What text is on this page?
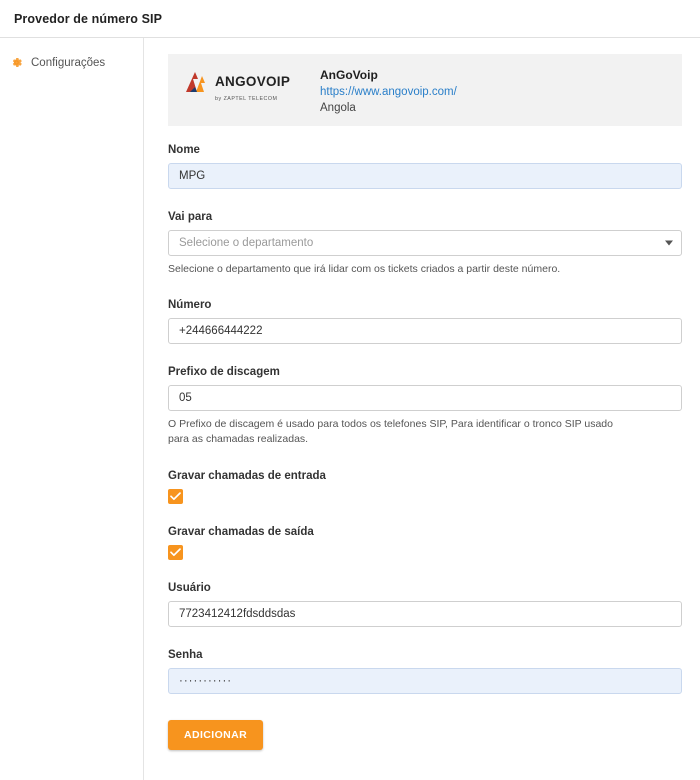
Provedor de número SIP
Configurações
ANGOVOIP
by ZAPTEL TELECOM
AnGoVoip
https://www.angovoip.com/
Angola
Nome
MPG
Vai para
Selecione o departamento
Selecione o departamento que irá lidar com os tickets criados a partir deste número.
Número
+244666444222
Prefixo de discagem
05
O Prefixo de discagem é usado para todos os telefones SIP, Para identificar o tronco SIP usado para as chamadas realizadas.
Gravar chamadas de entrada
Gravar chamadas de saída
Usuário
7723412412fdsddsdas
Senha
···········
ADICIONAR
